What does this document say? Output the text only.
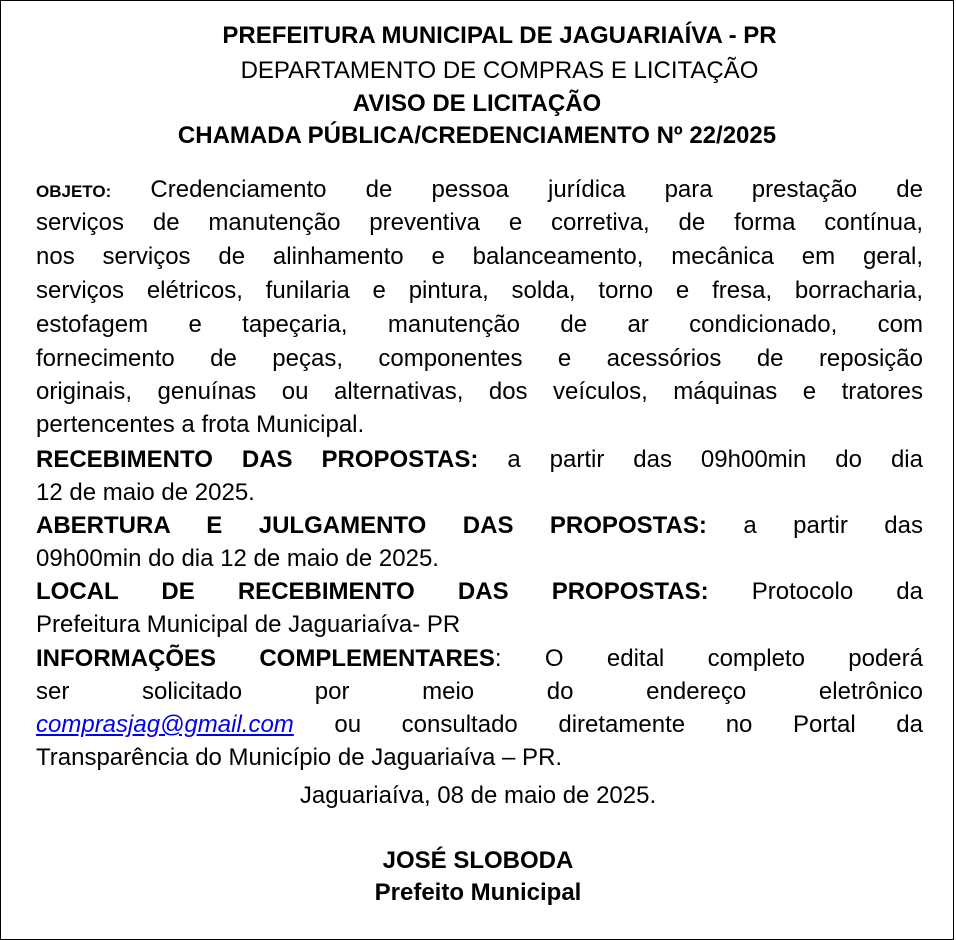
PREFEITURA MUNICIPAL DE JAGUARIAÍVA - PR
DEPARTAMENTO DE COMPRAS E LICITAÇÃO
AVISO DE LICITAÇÃO
CHAMADA PÚBLICA/CREDENCIAMENTO Nº 22/2025
OBJETO: Credenciamento de pessoa jurídica para prestação de
serviços de manutenção preventiva e corretiva, de forma contínua,
nos serviços de alinhamento e balanceamento, mecânica em geral,
serviços elétricos, funilaria e pintura, solda, torno e fresa, borracharia,
estofagem e tapeçaria, manutenção de ar condicionado, com
fornecimento de peças, componentes e acessórios de reposição
originais, genuínas ou alternativas, dos veículos, máquinas e tratores
pertencentes a frota Municipal.
RECEBIMENTO DAS PROPOSTAS: a partir das 09h00min do dia
12 de maio de 2025.
ABERTURA E JULGAMENTO DAS PROPOSTAS: a partir das
09h00min do dia 12 de maio de 2025.
LOCAL DE RECEBIMENTO DAS PROPOSTAS: Protocolo da
Prefeitura Municipal de Jaguariaíva- PR
INFORMAÇÕES COMPLEMENTARES: O edital completo poderá
ser solicitado por meio do endereço eletrônico
comprasjag@gmail.com ou consultado diretamente no Portal da
Transparência do Município de Jaguariaíva – PR.
Jaguariaíva, 08 de maio de 2025.
JOSÉ SLOBODA
Prefeito Municipal
